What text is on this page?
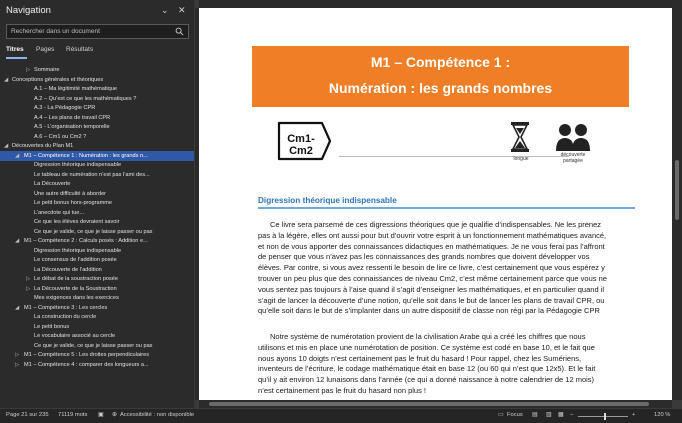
Navigation	⌄ ✕
Rechercher dans un document
Titres Pages Résultats
▷ Sommaire
◢ Conceptions générales et théoriques
A.1 – Ma légitimité mathématique
A.2 – Qu’est ce que les mathématiques ?
A.3 - La Pédagogie CPR
A.4 – Les plans de travail CPR
A.5 - L’organisation temporelle
A.6 – Cm1 ou Cm2 ?
◢ Découvertes du Plan M1
◢ M1 – Compétence 1 : Numération : les grands n...
Digression théorique indispensable
Le tableau de numération n’est pas l’ami des...
La Découverte
Une autre difficulté à aborder
Le petit bonus hors-programme
L’anecdote qui tue...
Ce que les élèves devraient savoir
Ce que je valide, ce que je laisse passer ou pas
◢ M1 – Compétence 2 : Calculs posés : Addition e...
Digression théorique indispensable
Le consensus de l’addition posée
La Découverte de l’addition
▷ Le débat de la soustraction posée
▷ La Découverte de la Soustraction
Mes exigences dans les exercices
◢ M1 – Compétence 3 : Les cercles
La construction du cercle
Le petit bonus
Le vocabulaire associé au cercle
Ce que je valide, ce que je laisse passer ou pas
▷ M1 – Compétence 5 : Les droites perpendiculaires
▷ M1 – Compétence 4 : comparer des longueurs a...
M1 – Compétence 1 :
Numération : les grands nombres
Cm1-Cm2
longue
découverte
partagée
Digression théorique indispensable
Ce livre sera parsemé de ces digressions théoriques que je qualifie d’indispensables. Ne les prenez
pas à la légère, elles ont aussi pour but d’ouvrir votre esprit à un fonctionnement mathématiques avancé,
et non de vous apporter des connaissances didactiques en mathématiques. Je ne vous ferai pas l’affront
de penser que vous n’avez pas les connaissances des grands nombres que doivent développer vos
élèves. Par contre, si vous avez ressenti le besoin de lire ce livre, c’est certainement que vous espérez y
trouver un peu plus que des connaissances de niveau Cm2, c’est même certainement parce que vous ne
vous sentez pas toujours à l’aise quand il s’agit d’enseigner les mathématiques, et en particulier quand il
s’agit de lancer la découverte d’une notion, qu’elle soit dans le but de lancer les plans de travail CPR, ou
qu’elle soit dans le but de s’implanter dans un autre dispositif de classe non régi par la Pédagogie CPR
Notre système de numérotation provient de la civilisation Arabe qui a créé les chiffres que nous
utilisons et mis en place une numérotation de position. Ce système est codé en base 10, et le fait que
nous ayons 10 doigts n’est certainement pas le fruit du hasard ! Pour rappel, chez les Sumériens,
inventeurs de l’écriture, le codage mathématique était en base 12 (ou 60 qui n’est que 12x5). Et le fait
qu’il y ait environ 12 lunaisons dans l’année (ce qui a donné naissance à notre calendrier de 12 mois)
n’est certainement pas le fruit du hasard non plus !
Page 21 sur 235 71119 mots ▣ ⊕ Accessibilité : non disponible	▭ Focus ▤ ▥ ▦ −	+	120 %
